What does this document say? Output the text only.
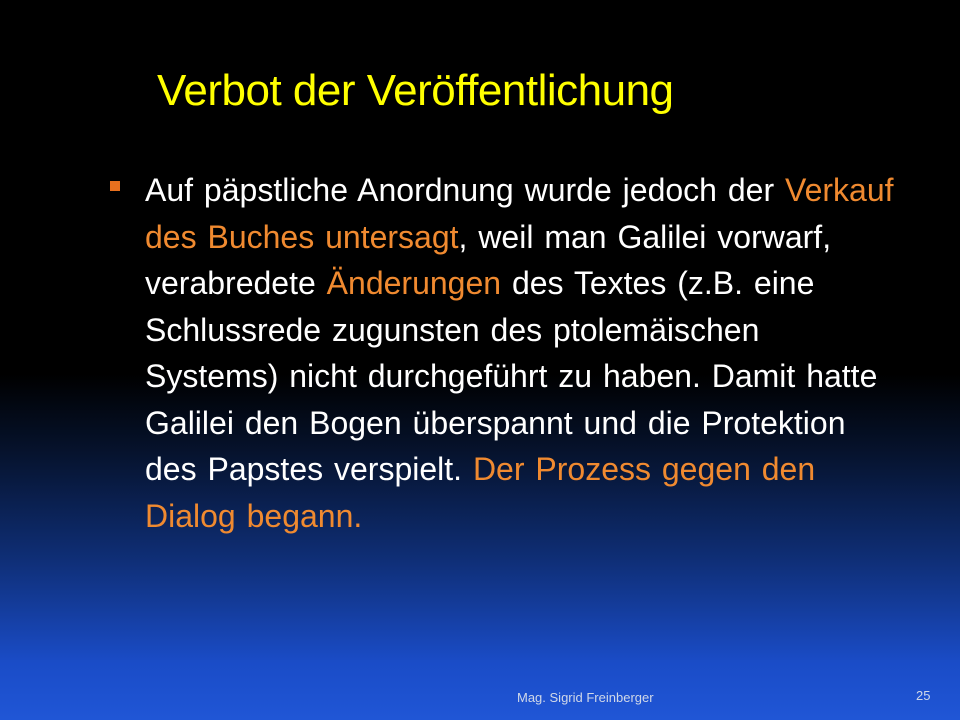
Verbot der Veröffentlichung

Auf päpstliche Anordnung wurde jedoch der Verkauf des Buches untersagt, weil man Galilei vorwarf, verabredete Änderungen des Textes (z.B. eine Schlussrede zugunsten des ptolemäischen Systems) nicht durchgeführt zu haben. Damit hatte Galilei den Bogen überspannt und die Protektion des Papstes verspielt. Der Prozess gegen den Dialog begann.

Mag. Sigrid Freinberger	25
